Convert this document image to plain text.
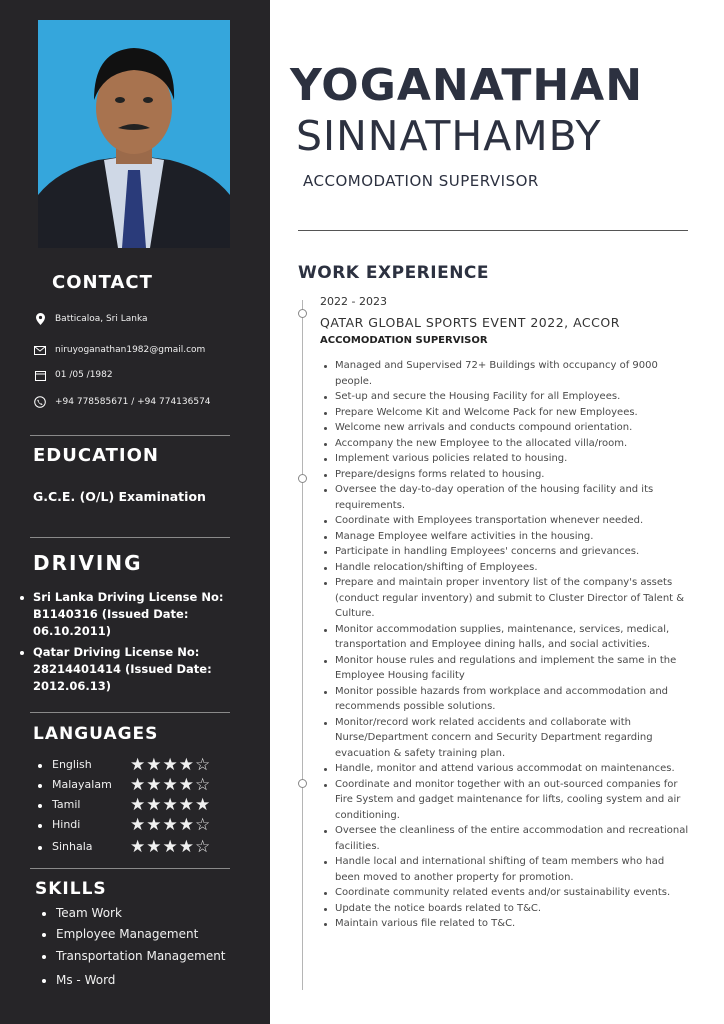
CONTACT
Batticaloa, Sri Lanka
niruyoganathan1982@gmail.com
01 /05 /1982
+94 778585671 / +94 774136574
EDUCATION
G.C.E. (O/L) Examination
DRIVING
Sri Lanka Driving License No: B1140316 (Issued Date: 06.10.2011)
Qatar Driving License No: 28214401414 (Issued Date: 2012.06.13)
LANGUAGES
English ★★★★☆
Malayalam ★★★★☆
Tamil	★★★★★
Hindi	★★★★☆
Sinhala ★★★★☆
SKILLS
Team Work
Employee Management
Transportation Management
Ms - Word
YOGANATHAN
SINNATHAMBY
ACCOMODATION SUPERVISOR
WORK EXPERIENCE
2022 - 2023
QATAR GLOBAL SPORTS EVENT 2022, ACCOR
ACCOMODATION SUPERVISOR
Managed and Supervised 72+ Buildings with occupancy of 9000 people.
Set-up and secure the Housing Facility for all Employees.
Prepare Welcome Kit and Welcome Pack for new Employees.
Welcome new arrivals and conducts compound orientation.
Accompany the new Employee to the allocated villa/room.
Implement various policies related to housing.
Prepare/designs forms related to housing.
Oversee the day-to-day operation of the housing facility and its requirements.
Coordinate with Employees transportation whenever needed.
Manage Employee welfare activities in the housing.
Participate in handling Employees' concerns and grievances.
Handle relocation/shifting of Employees.
Prepare and maintain proper inventory list of the company's assets (conduct regular inventory) and submit to Cluster Director of Talent & Culture.
Monitor accommodation supplies, maintenance, services, medical, transportation and Employee dining halls, and social activities.
Monitor house rules and regulations and implement the same in the Employee Housing facility
Monitor possible hazards from workplace and accommodation and recommends possible solutions.
Monitor/record work related accidents and collaborate with Nurse/Department concern and Security Department regarding evacuation & safety training plan.
Handle, monitor and attend various accommodat on maintenances.
Coordinate and monitor together with an out-sourced companies for Fire System and gadget maintenance for lifts, cooling system and air conditioning.
Oversee the cleanliness of the entire accommodation and recreational facilities.
Handle local and international shifting of team members who had been moved to another property for promotion.
Coordinate community related events and/or sustainability events.
Update the notice boards related to T&C.
Maintain various file related to T&C.
